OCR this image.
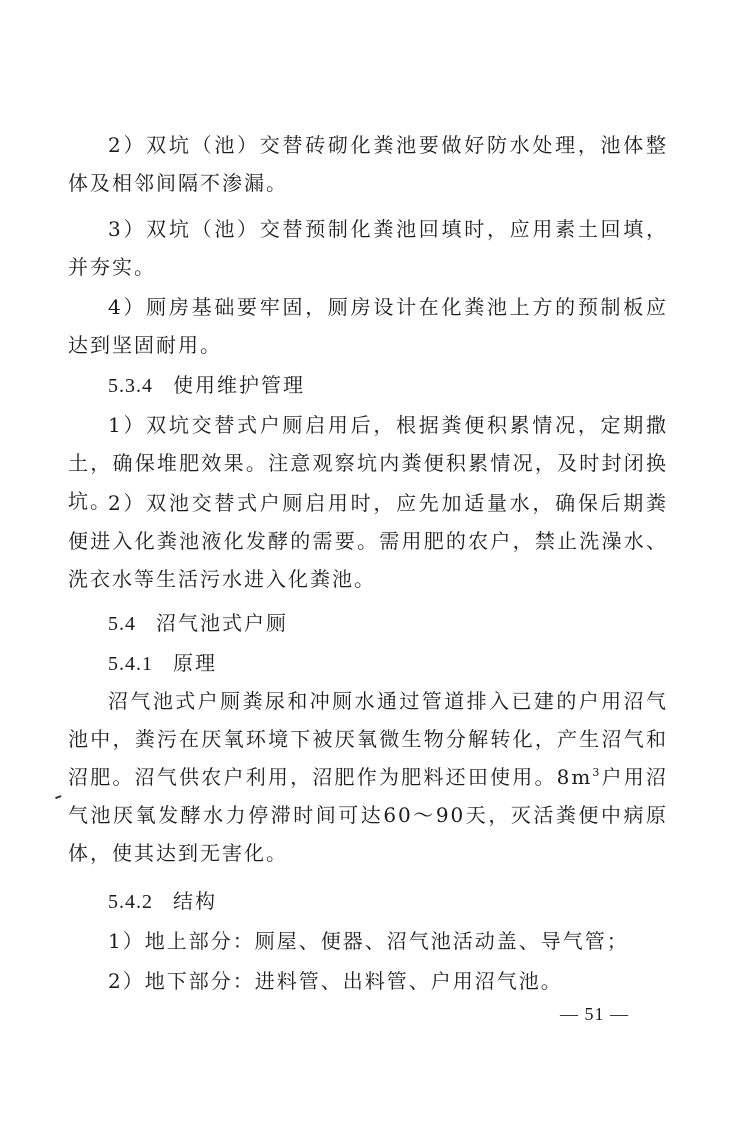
2）双坑（池）交替砖砌化粪池要做好防水处理，池体整体及相邻间隔不渗漏。
3）双坑（池）交替预制化粪池回填时，应用素土回填，并夯实。
4）厕房基础要牢固，厕房设计在化粪池上方的预制板应达到坚固耐用。
5.3.4 使用维护管理
1）双坑交替式户厕启用后，根据粪便积累情况，定期撒土，确保堆肥效果。注意观察坑内粪便积累情况，及时封闭换坑。
2）双池交替式户厕启用时，应先加适量水，确保后期粪便进入化粪池液化发酵的需要。需用肥的农户，禁止洗澡水、洗衣水等生活污水进入化粪池。
5.4 沼气池式户厕
5.4.1 原理
沼气池式户厕粪尿和冲厕水通过管道排入已建的户用沼气池中，粪污在厌氧环境下被厌氧微生物分解转化，产生沼气和沼肥。沼气供农户利用，沼肥作为肥料还田使用。$8m^3$户用沼气池厌氧发酵水力停滞时间可达60～90天，灭活粪便中病原体，使其达到无害化。
5.4.2 结构
1）地上部分：厕屋、便器、沼气池活动盖、导气管；
2）地下部分：进料管、出料管、户用沼气池。
— 51 —
